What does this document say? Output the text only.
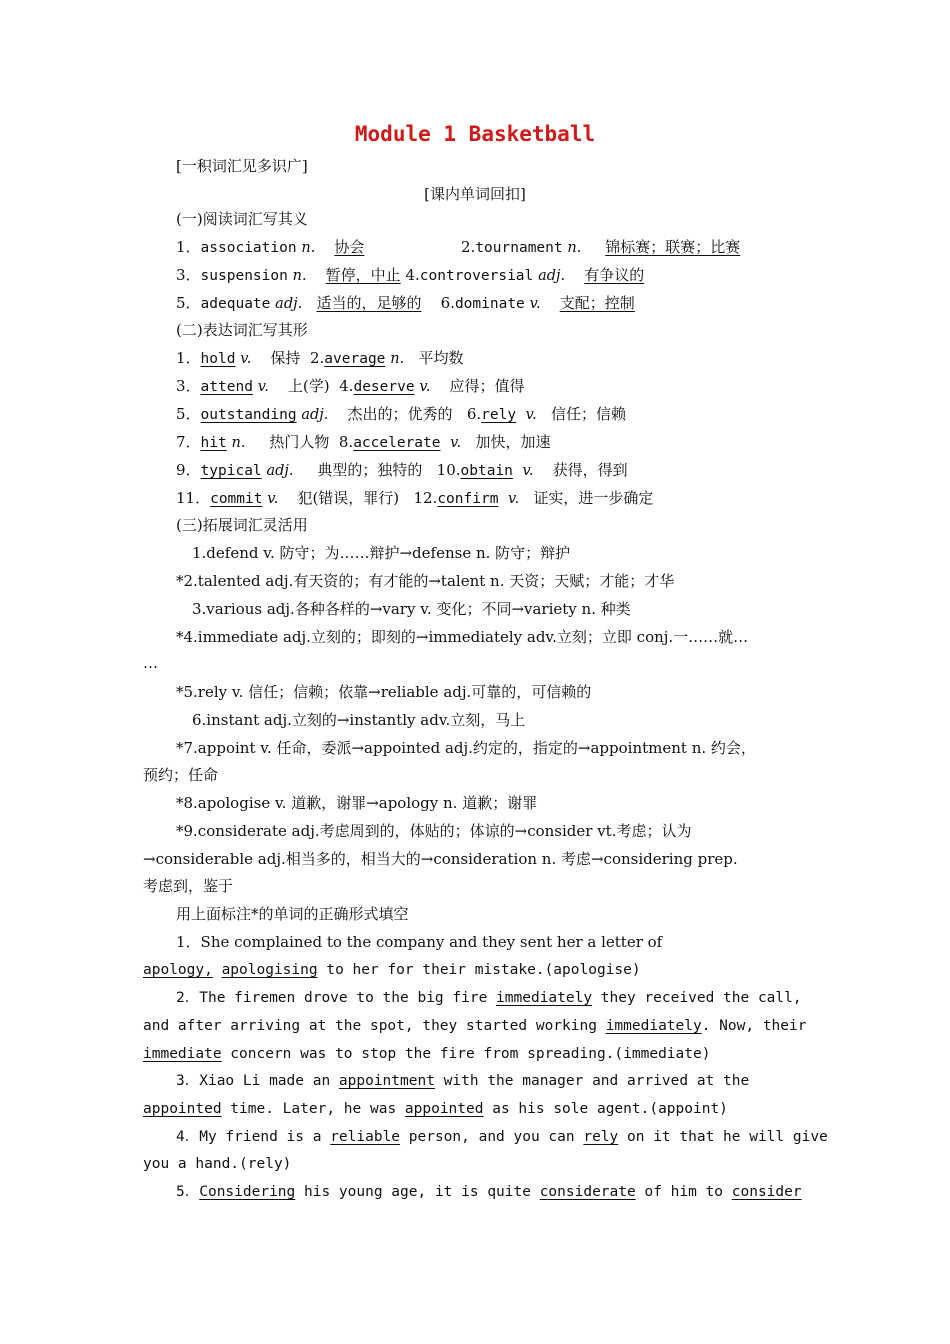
Module 1 Basketball
[一积词汇见多识广]
[课内单词回扣]
(一)阅读词汇写其义
1．association n. 协会	2.tournament n. 锦标赛；联赛；比赛
3．suspension n. 暂停，中止 4.controversial adj. 有争议的
5．adequate adj. 适当的，足够的 6.dominate v. 支配；控制
(二)表达词汇写其形
1．hold v. 保持 2.average n. 平均数
3．attend v. 上(学) 4.deserve v. 应得；值得
5．outstanding adj. 杰出的；优秀的 6.rely v. 信任；信赖
7．hit n. 热门人物 8.accelerate v. 加快，加速
9．typical adj. 典型的；独特的 10.obtain v. 获得，得到
11．commit v. 犯(错误，罪行) 12.confirm v. 证实，进一步确定
(三)拓展词汇灵活用
1.defend v. 防守；为……辩护→defense n. 防守；辩护
*2.talented adj.有天资的；有才能的→talent n. 天资；天赋；才能；才华
3.various adj.各种各样的→vary v. 变化；不同→variety n. 种类
*4.immediate adj.立刻的；即刻的→immediately adv.立刻；立即 conj.一……就…
…
*5.rely v. 信任；信赖；依靠→reliable adj.可靠的，可信赖的
6.instant adj.立刻的→instantly adv.立刻，马上
*7.appoint v. 任命，委派→appointed adj.约定的，指定的→appointment n. 约会，
预约；任命
*8.apologise v. 道歉，谢罪→apology n. 道歉；谢罪
*9.considerate adj.考虑周到的，体贴的；体谅的→consider vt.考虑；认为
→considerable adj.相当多的，相当大的→consideration n. 考虑→considering prep.
考虑到，鉴于
用上面标注*的单词的正确形式填空
1．She complained to the company and they sent her a letter of
apology, apologising to her for their mistake.(apologise)
2．The firemen drove to the big fire immediately they received the call,
and after arriving at the spot, they started working immediately. Now, their
immediate concern was to stop the fire from spreading.(immediate)
3．Xiao Li made an appointment with the manager and arrived at the
appointed time. Later, he was appointed as his sole agent.(appoint)
4．My friend is a reliable person, and you can rely on it that he will give
you a hand.(rely)
5．Considering his young age, it is quite considerate of him to consider
